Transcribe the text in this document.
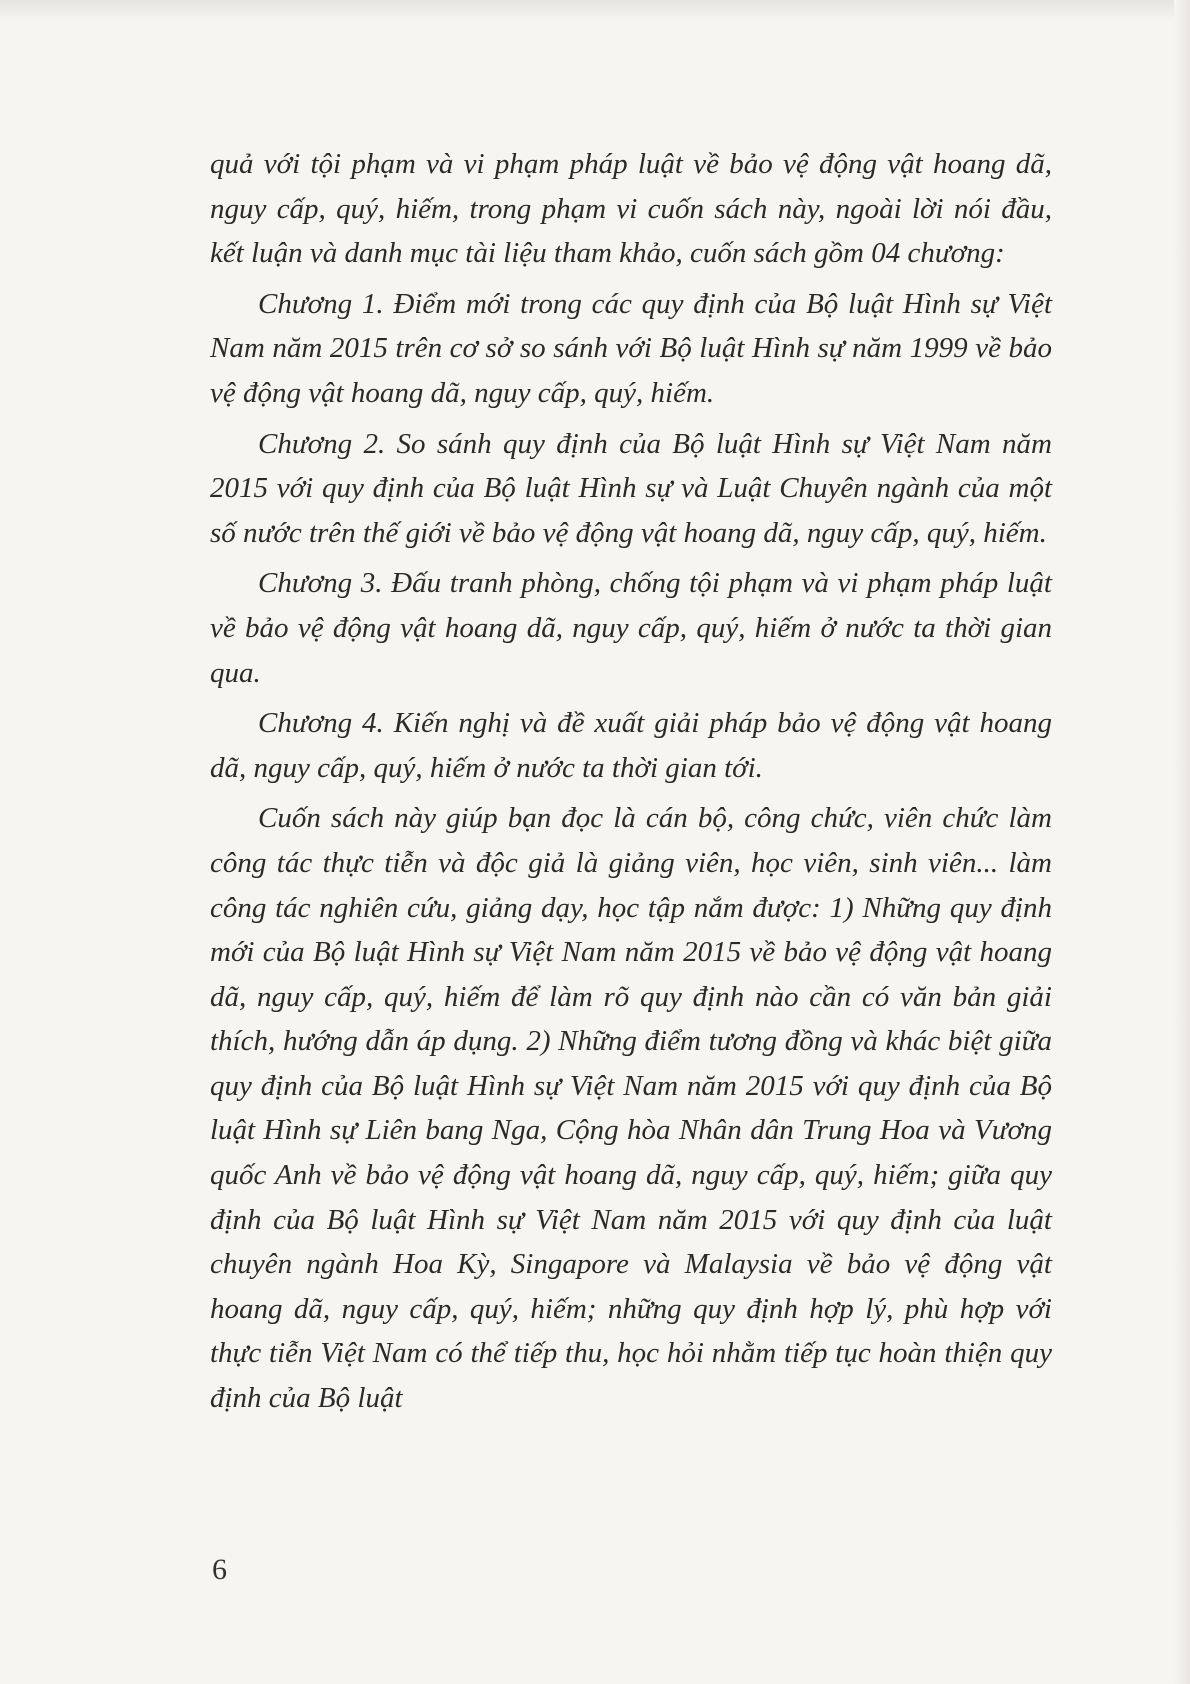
quả với tội phạm và vi phạm pháp luật về bảo vệ động vật hoang dã, nguy cấp, quý, hiếm, trong phạm vi cuốn sách này, ngoài lời nói đầu, kết luận và danh mục tài liệu tham khảo, cuốn sách gồm 04 chương:

Chương 1. Điểm mới trong các quy định của Bộ luật Hình sự Việt Nam năm 2015 trên cơ sở so sánh với Bộ luật Hình sự năm 1999 về bảo vệ động vật hoang dã, nguy cấp, quý, hiếm.

Chương 2. So sánh quy định của Bộ luật Hình sự Việt Nam năm 2015 với quy định của Bộ luật Hình sự và Luật Chuyên ngành của một số nước trên thế giới về bảo vệ động vật hoang dã, nguy cấp, quý, hiếm.

Chương 3. Đấu tranh phòng, chống tội phạm và vi phạm pháp luật về bảo vệ động vật hoang dã, nguy cấp, quý, hiếm ở nước ta thời gian qua.

Chương 4. Kiến nghị và đề xuất giải pháp bảo vệ động vật hoang dã, nguy cấp, quý, hiếm ở nước ta thời gian tới.

Cuốn sách này giúp bạn đọc là cán bộ, công chức, viên chức làm công tác thực tiễn và độc giả là giảng viên, học viên, sinh viên... làm công tác nghiên cứu, giảng dạy, học tập nắm được: 1) Những quy định mới của Bộ luật Hình sự Việt Nam năm 2015 về bảo vệ động vật hoang dã, nguy cấp, quý, hiếm để làm rõ quy định nào cần có văn bản giải thích, hướng dẫn áp dụng. 2) Những điểm tương đồng và khác biệt giữa quy định của Bộ luật Hình sự Việt Nam năm 2015 với quy định của Bộ luật Hình sự Liên bang Nga, Cộng hòa Nhân dân Trung Hoa và Vương quốc Anh về bảo vệ động vật hoang dã, nguy cấp, quý, hiếm; giữa quy định của Bộ luật Hình sự Việt Nam năm 2015 với quy định của luật chuyên ngành Hoa Kỳ, Singapore và Malaysia về bảo vệ động vật hoang dã, nguy cấp, quý, hiếm; những quy định hợp lý, phù hợp với thực tiễn Việt Nam có thể tiếp thu, học hỏi nhằm tiếp tục hoàn thiện quy định của Bộ luật

6
